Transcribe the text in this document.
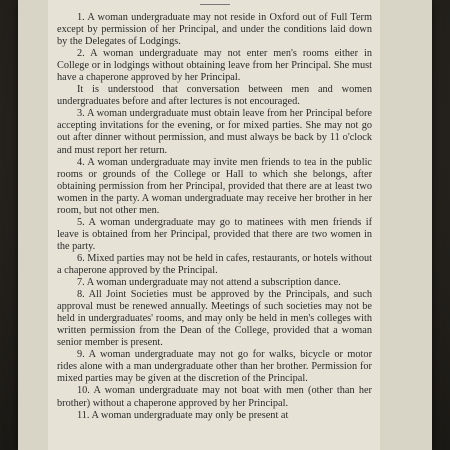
1. A woman undergraduate may not reside in Oxford out of Full Term except by permission of her Principal, and under the conditions laid down by the Delegates of Lodgings.

2. A woman undergraduate may not enter men's rooms either in College or in lodgings without obtaining leave from her Principal. She must have a chaperone approved by her Principal.

It is understood that conversation between men and women undergraduates before and after lectures is not encouraged.

3. A woman undergraduate must obtain leave from her Principal before accepting invitations for the evening, or for mixed parties. She may not go out after dinner without permission, and must always be back by 11 o'clock and must report her return.

4. A woman undergraduate may invite men friends to tea in the public rooms or grounds of the College or Hall to which she belongs, after obtaining permission from her Principal, provided that there are at least two women in the party. A woman undergraduate may receive her brother in her room, but not other men.

5. A woman undergraduate may go to matinees with men friends if leave is obtained from her Principal, provided that there are two women in the party.

6. Mixed parties may not be held in cafes, restaurants, or hotels without a chaperone approved by the Principal.

7. A woman undergraduate may not attend a subscription dance.

8. All Joint Societies must be approved by the Principals, and such approval must be renewed annually. Meetings of such societies may not be held in undergraduates' rooms, and may only be held in men's colleges with written permission from the Dean of the College, provided that a woman senior member is present.

9. A woman undergraduate may not go for walks, bicycle or motor rides alone with a man undergraduate other than her brother. Permission for mixed parties may be given at the discretion of the Principal.

10. A woman undergraduate may not boat with men (other than her brother) without a chaperone approved by her Principal.

11. A woman undergraduate may only be present at
